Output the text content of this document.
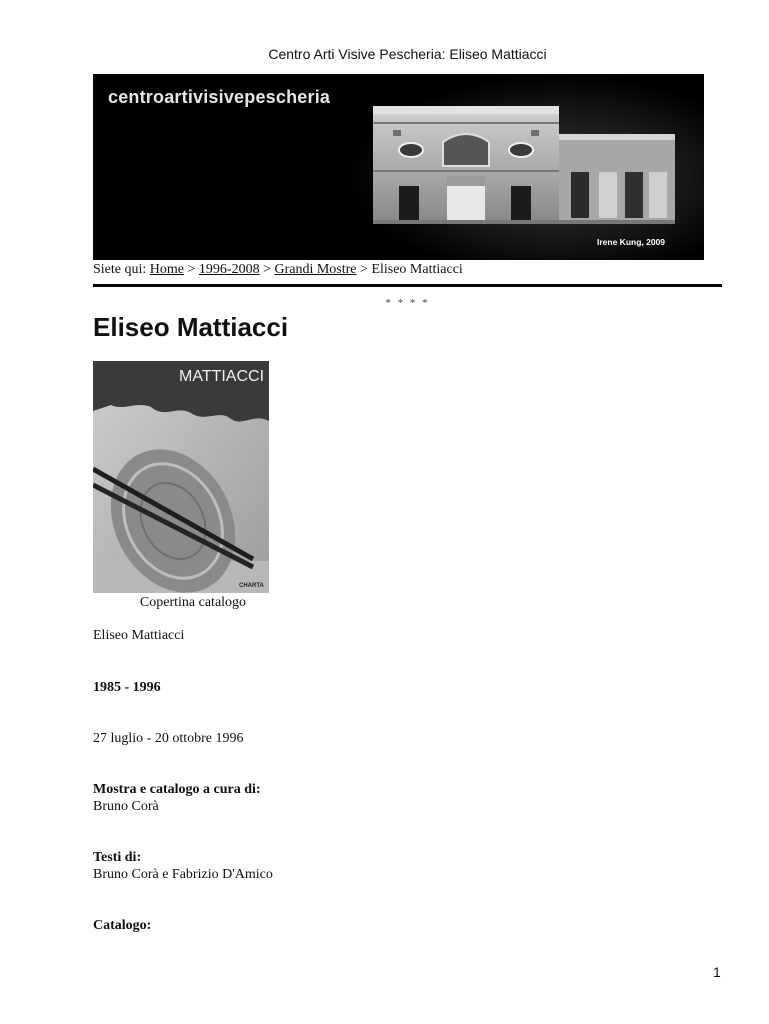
Centro Arti Visive Pescheria: Eliseo Mattiacci
centroartivisivepescheria
Irene Kung, 2009
Siete qui: Home > 1996-2008 > Grandi Mostre > Eliseo Mattiacci
* * * *
Eliseo Mattiacci
MATTIACCI
CHARTA
Copertina catalogo
Eliseo Mattiacci
1985 - 1996
27 luglio - 20 ottobre 1996
Mostra e catalogo a cura di:
Bruno Corà
Testi di:
Bruno Corà e Fabrizio D'Amico
Catalogo:
1
